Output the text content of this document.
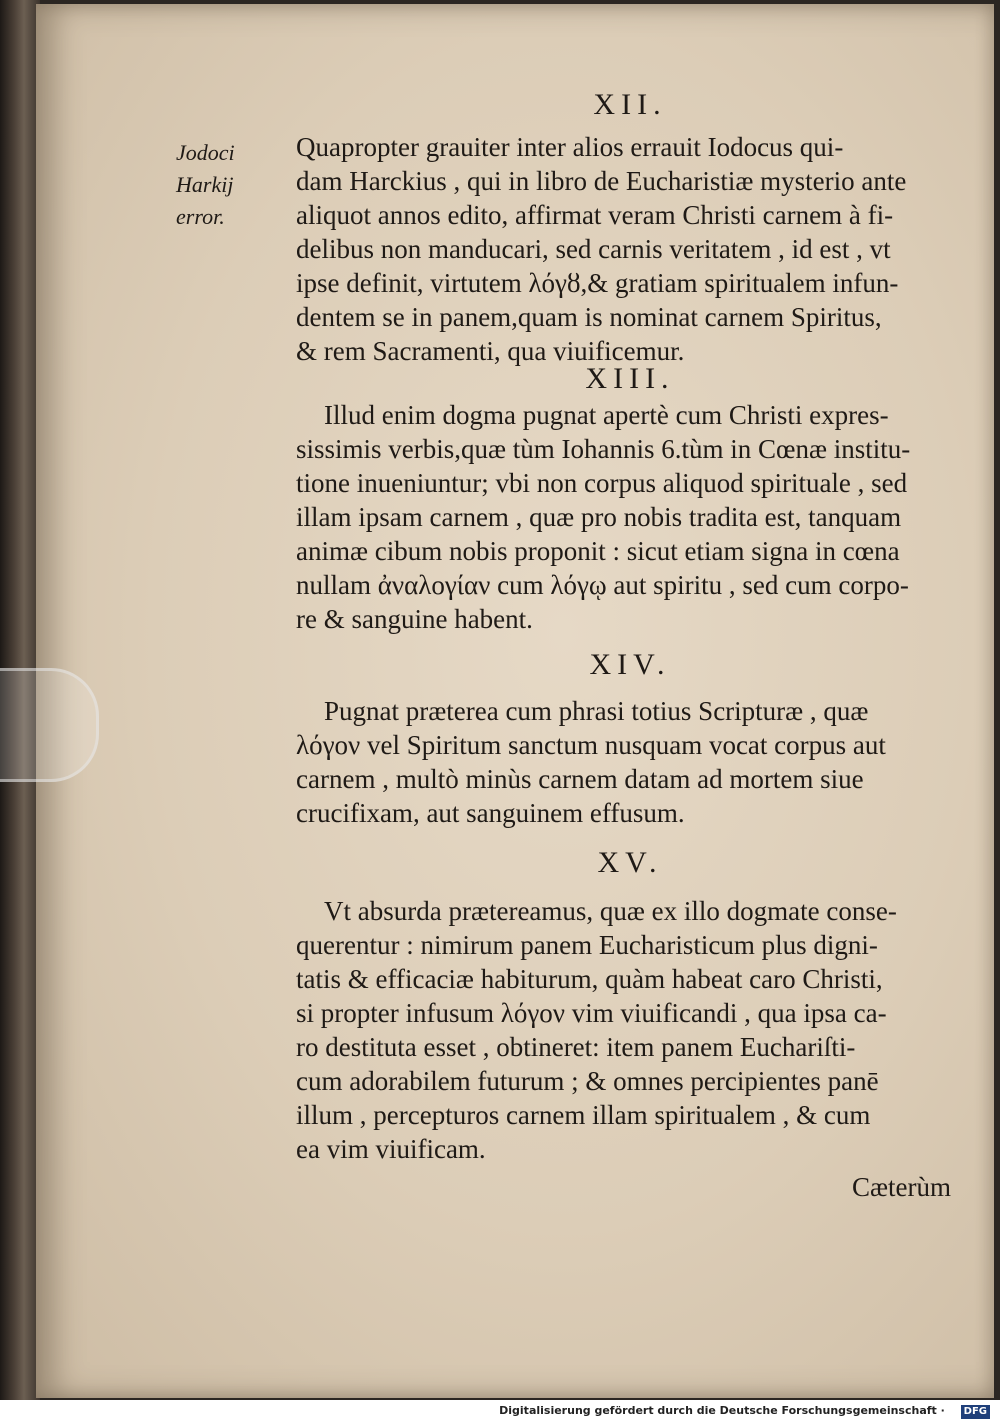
Jodoci
Harkij
error.
XII.
Quapropter grauiter inter alios errauit Iodocus qui-
dam Harckius , qui in libro de Eucharistiæ mysterio ante
aliquot annos edito, affirmat veram Christi carnem à fi-
delibus non manducari, sed carnis veritatem , id est , vt
ipse definit, virtutem λόγȣ,& gratiam spiritualem infun-
dentem se in panem,quam is nominat carnem Spiritus,
& rem Sacramenti, qua viuificemur.
XIII.
Illud enim dogma pugnat apertè cum Christi expres-
sissimis verbis,quæ tùm Iohannis 6.tùm in Cœnæ institu-
tione inueniuntur; vbi non corpus aliquod spirituale , sed
illam ipsam carnem , quæ pro nobis tradita est, tanquam
animæ cibum nobis proponit : sicut etiam signa in cœna
nullam ἀναλογίαν cum λόγῳ aut spiritu , sed cum corpo-
re & sanguine habent.
XIV.
Pugnat præterea cum phrasi totius Scripturæ , quæ
λόγον vel Spiritum sanctum nusquam vocat corpus aut
carnem , multò minùs carnem datam ad mortem siue
crucifixam, aut sanguinem effusum.
XV.
Vt absurda prætereamus, quæ ex illo dogmate conse-
querentur : nimirum panem Eucharisticum plus digni-
tatis & efficaciæ habiturum, quàm habeat caro Christi,
si propter infusum λόγον vim viuificandi , qua ipsa ca-
ro destituta esset , obtineret: item panem Euchariſti-
cum adorabilem futurum ; & omnes percipientes panē
illum , percepturos carnem illam spiritualem , & cum
ea vim viuificam.
Cæterùm
Digitalisierung gefördert durch die Deutsche Forschungsgemeinschaft · DFG
